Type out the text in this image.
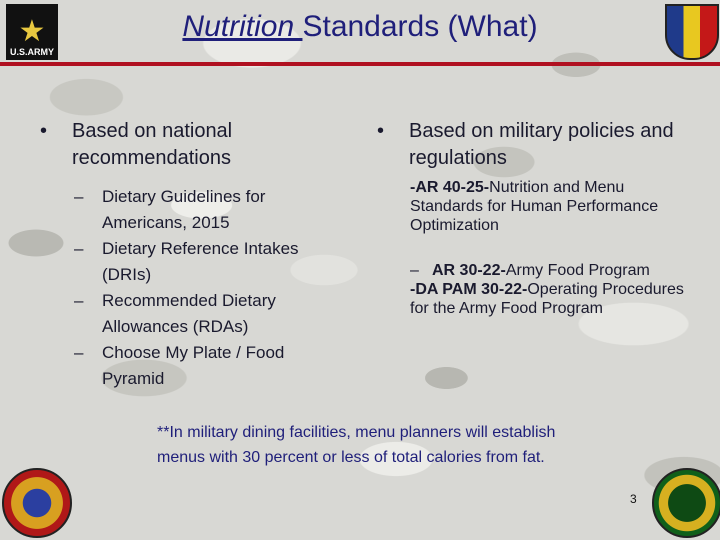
★
U.S.ARMY
Nutrition Standards (What)
• Based on national recommendations
– Dietary Guidelines for Americans, 2015
– Dietary Reference Intakes (DRIs)
– Recommended Dietary Allowances (RDAs)
– Choose My Plate / Food Pyramid
• Based on military policies and regulations
-AR 40-25-Nutrition and Menu Standards for Human Performance Optimization
– AR 30-22-Army Food Program
-DA PAM 30-22-Operating Procedures for the Army Food Program
**In military dining facilities, menu planners will establish menus with 30 percent or less of total calories from fat.
3
